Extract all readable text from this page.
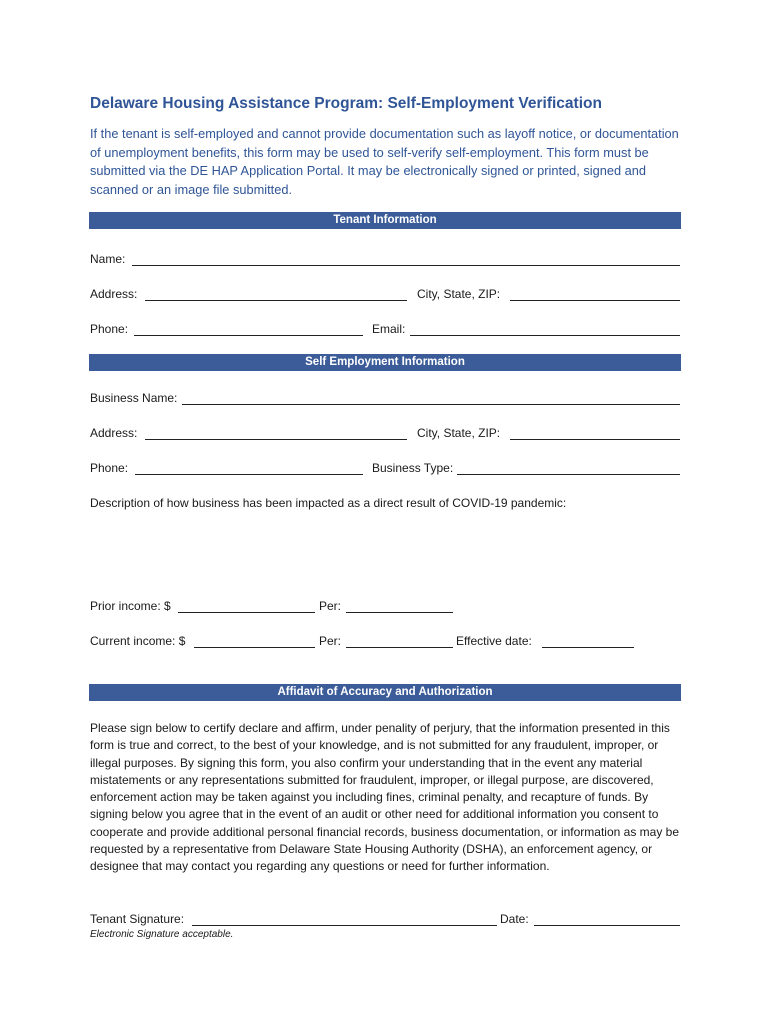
Delaware Housing Assistance Program: Self-Employment Verification
If the tenant is self-employed and cannot provide documentation such as layoff notice, or documentation of unemployment benefits, this form may be used to self-verify self-employment. This form must be submitted via the DE HAP Application Portal. It may be electronically signed or printed, signed and scanned or an image file submitted.
Tenant Information
Name:
Address:	City, State, ZIP:
Phone:	Email:
Self Employment Information
Business Name:
Address:	City, State, ZIP:
Phone:	Business Type:
Description of how business has been impacted as a direct result of COVID-19 pandemic:
Prior income: $	Per:
Current income: $	Per:	Effective date:
Affidavit of Accuracy and Authorization
Please sign below to certify declare and affirm, under penality of perjury, that the information presented in this form is true and correct, to the best of your knowledge, and is not submitted for any fraudulent, improper, or illegal purposes. By signing this form, you also confirm your understanding that in the event any material mistatements or any representations submitted for fraudulent, improper, or illegal purpose, are discovered, enforcement action may be taken against you including fines, criminal penalty, and recapture of funds. By signing below you agree that in the event of an audit or other need for additional information you consent to cooperate and provide additional personal financial records, business documentation, or information as may be requested by a representative from Delaware State Housing Authority (DSHA), an enforcement agency, or designee that may contact you regarding any questions or need for further information.
Tenant Signature:	Date:
Electronic Signature acceptable.
